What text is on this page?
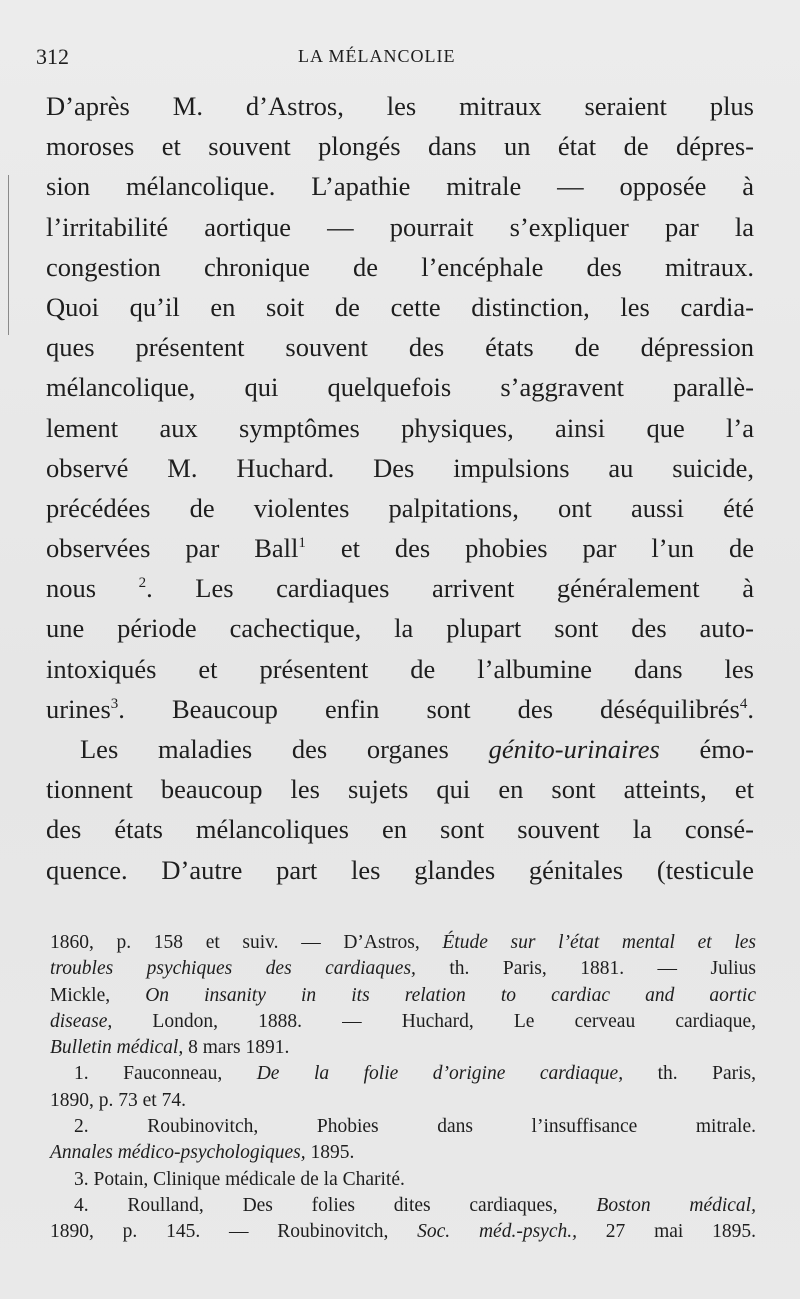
312	LA MÉLANCOLIE
D’après M. d’Astros, les mitraux seraient plus
moroses et souvent plongés dans un état de dépres-
sion mélancolique. L’apathie mitrale — opposée à
l’irritabilité aortique — pourrait s’expliquer par la
congestion chronique de l’encéphale des mitraux.
Quoi qu’il en soit de cette distinction, les cardia-
ques présentent souvent des états de dépression
mélancolique, qui quelquefois s’aggravent parallè-
lement aux symptômes physiques, ainsi que l’a
observé M. Huchard. Des impulsions au suicide,
précédées de violentes palpitations, ont aussi été
observées par Ball$^1$ et des phobies par l’un de
nous $^2$. Les cardiaques arrivent généralement à
une période cachectique, la plupart sont des auto-
intoxiqués et présentent de l’albumine dans les
urines$^3$. Beaucoup enfin sont des déséquilibrés$^4$.
Les maladies des organes génito-urinaires émo-
tionnent beaucoup les sujets qui en sont atteints, et
des états mélancoliques en sont souvent la consé-
quence. D’autre part les glandes génitales (testicule
1860, p. 158 et suiv. — D’Astros, Étude sur l’état mental et les
troubles psychiques des cardiaques, th. Paris, 1881. — Julius
Mickle, On insanity in its relation to cardiac and aortic
disease, London, 1888. — Huchard, Le cerveau cardiaque,
Bulletin médical, 8 mars 1891.
1. Fauconneau, De la folie d’origine cardiaque, th. Paris,
1890, p. 73 et 74.
2. Roubinovitch, Phobies dans l’insuffisance mitrale.
Annales médico-psychologiques, 1895.
3. Potain, Clinique médicale de la Charité.
4. Roulland, Des folies dites cardiaques, Boston médical,
1890, p. 145. — Roubinovitch, Soc. méd.-psych., 27 mai 1895.
